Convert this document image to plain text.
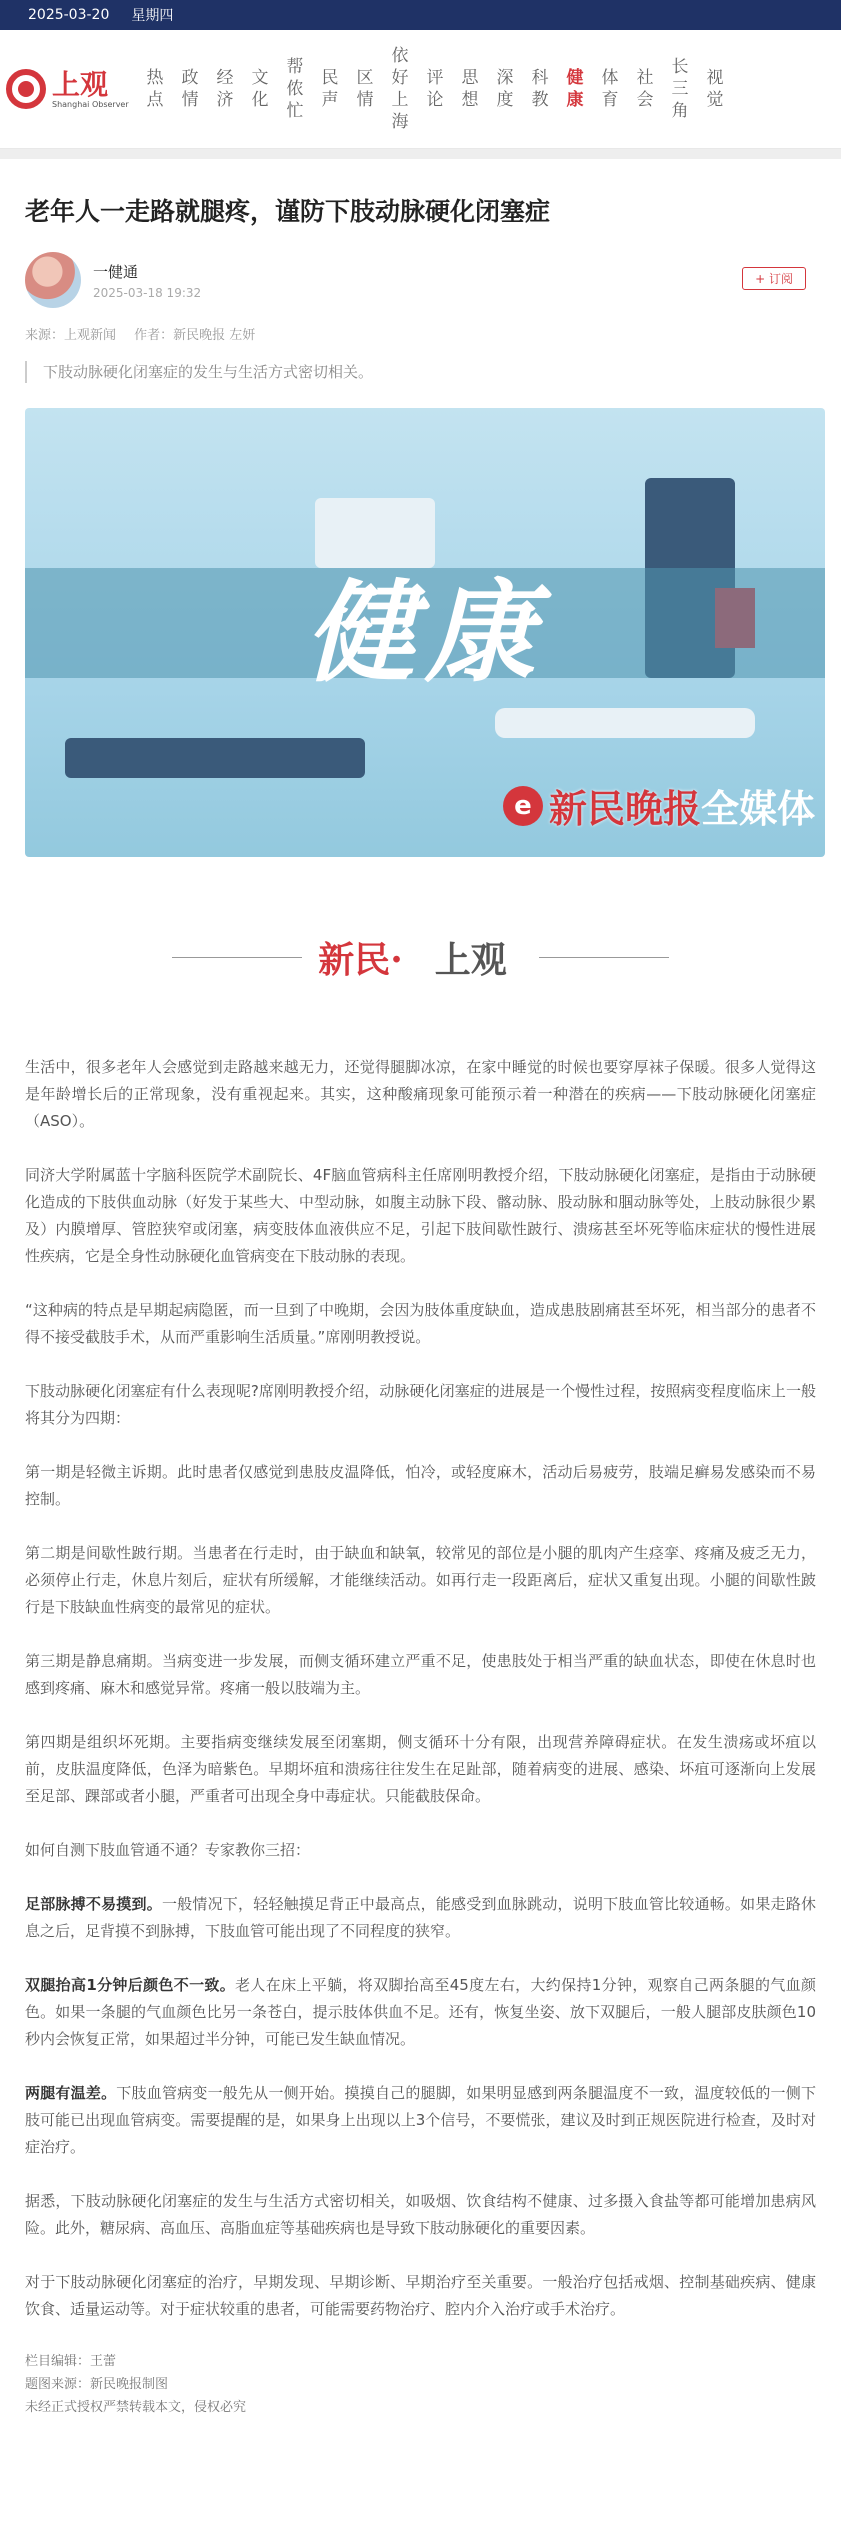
2025-03-20 星期四
上观
Shanghai Observer
热点
政情
经济
文化
帮侬忙
民声
区情
依好上海
评论
思想
深度
科教
健康
体育
社会
长三角
视觉
老年人一走路就腿疼，谨防下肢动脉硬化闭塞症
一健通
2025-03-18 19:32
+ 订阅
来源：上观新闻 作者：新民晚报 左妍
下肢动脉硬化闭塞症的发生与生活方式密切相关。
健康
e 新民晚报 全媒体
新民· 上观

生活中，很多老年人会感觉到走路越来越无力，还觉得腿脚冰凉，在家中睡觉的时候也要穿厚袜子保暖。很多人觉得这是年龄增长后的正常现象，没有重视起来。其实，这种酸痛现象可能预示着一种潜在的疾病——下肢动脉硬化闭塞症（ASO）。

同济大学附属蓝十字脑科医院学术副院长、4F脑血管病科主任席刚明教授介绍，下肢动脉硬化闭塞症，是指由于动脉硬化造成的下肢供血动脉（好发于某些大、中型动脉，如腹主动脉下段、髂动脉、股动脉和腘动脉等处，上肢动脉很少累及）内膜增厚、管腔狭窄或闭塞，病变肢体血液供应不足，引起下肢间歇性跛行、溃疡甚至坏死等临床症状的慢性进展性疾病，它是全身性动脉硬化血管病变在下肢动脉的表现。

“这种病的特点是早期起病隐匿，而一旦到了中晚期，会因为肢体重度缺血，造成患肢剧痛甚至坏死，相当部分的患者不得不接受截肢手术，从而严重影响生活质量。”席刚明教授说。

下肢动脉硬化闭塞症有什么表现呢?席刚明教授介绍，动脉硬化闭塞症的进展是一个慢性过程，按照病变程度临床上一般将其分为四期：

第一期是轻微主诉期。此时患者仅感觉到患肢皮温降低，怕冷，或轻度麻木，活动后易疲劳，肢端足癣易发感染而不易控制。

第二期是间歇性跛行期。当患者在行走时，由于缺血和缺氧，较常见的部位是小腿的肌肉产生痉挛、疼痛及疲乏无力，必须停止行走，休息片刻后，症状有所缓解，才能继续活动。如再行走一段距离后，症状又重复出现。小腿的间歇性跛行是下肢缺血性病变的最常见的症状。

第三期是静息痛期。当病变进一步发展，而侧支循环建立严重不足，使患肢处于相当严重的缺血状态，即使在休息时也感到疼痛、麻木和感觉异常。疼痛一般以肢端为主。

第四期是组织坏死期。主要指病变继续发展至闭塞期，侧支循环十分有限，出现营养障碍症状。在发生溃疡或坏疽以前，皮肤温度降低，色泽为暗紫色。早期坏疽和溃疡往往发生在足趾部，随着病变的进展、感染、坏疽可逐渐向上发展至足部、踝部或者小腿，严重者可出现全身中毒症状。只能截肢保命。

如何自测下肢血管通不通？专家教你三招：

足部脉搏不易摸到。一般情况下，轻轻触摸足背正中最高点，能感受到血脉跳动，说明下肢血管比较通畅。如果走路休息之后，足背摸不到脉搏，下肢血管可能出现了不同程度的狭窄。

双腿抬高1分钟后颜色不一致。老人在床上平躺，将双脚抬高至45度左右，大约保持1分钟，观察自己两条腿的气血颜色。如果一条腿的气血颜色比另一条苍白，提示肢体供血不足。还有，恢复坐姿、放下双腿后，一般人腿部皮肤颜色10秒内会恢复正常，如果超过半分钟，可能已发生缺血情况。

两腿有温差。下肢血管病变一般先从一侧开始。摸摸自己的腿脚，如果明显感到两条腿温度不一致，温度较低的一侧下肢可能已出现血管病变。需要提醒的是，如果身上出现以上3个信号，不要慌张，建议及时到正规医院进行检查，及时对症治疗。

据悉，下肢动脉硬化闭塞症的发生与生活方式密切相关，如吸烟、饮食结构不健康、过多摄入食盐等都可能增加患病风险。此外，糖尿病、高血压、高脂血症等基础疾病也是导致下肢动脉硬化的重要因素。

对于下肢动脉硬化闭塞症的治疗，早期发现、早期诊断、早期治疗至关重要。一般治疗包括戒烟、控制基础疾病、健康饮食、适量运动等。对于症状较重的患者，可能需要药物治疗、腔内介入治疗或手术治疗。

栏目编辑：王蕾
题图来源：新民晚报制图
未经正式授权严禁转载本文，侵权必究
